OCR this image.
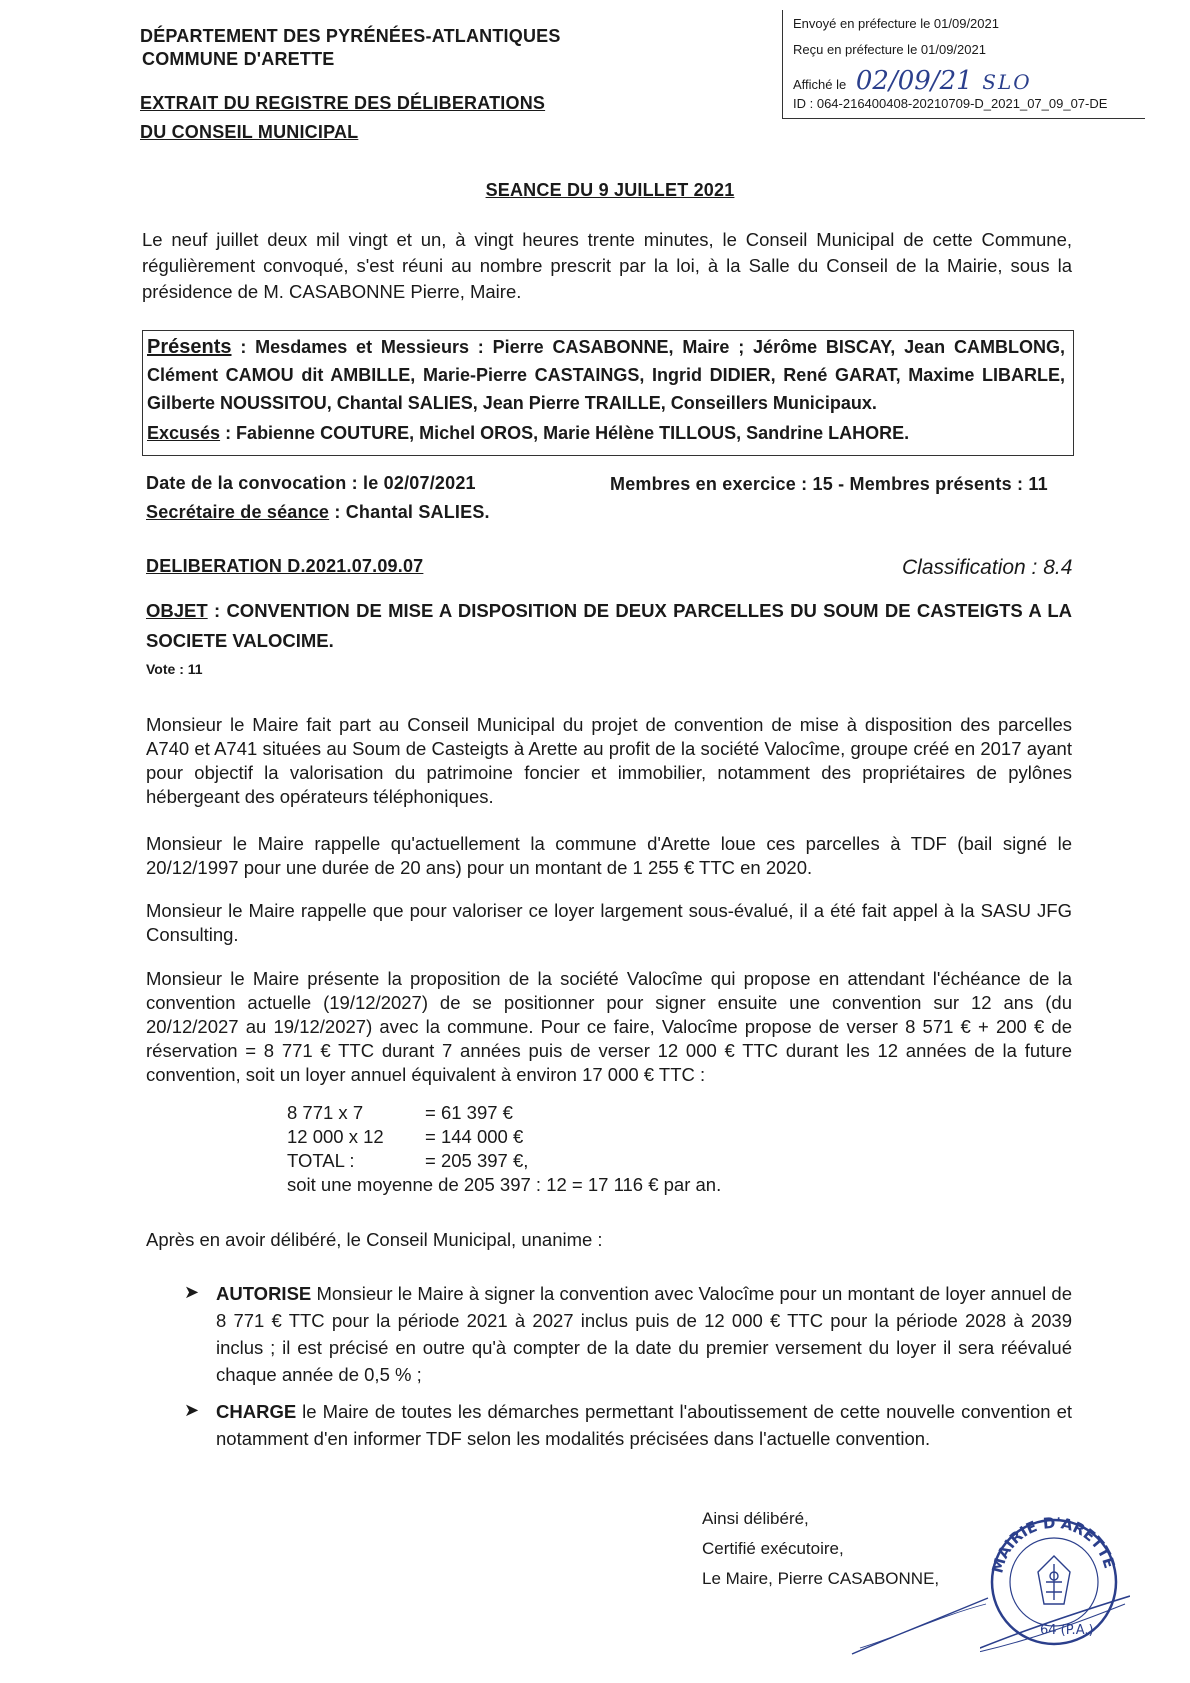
DÉPARTEMENT DES PYRÉNÉES-ATLANTIQUES
COMMUNE D'ARETTE
EXTRAIT DU REGISTRE DES DÉLIBERATIONS
DU CONSEIL MUNICIPAL
Envoyé en préfecture le 01/09/2021
Reçu en préfecture le 01/09/2021
Affiché le 02/09/21 SLO
ID : 064-216400408-20210709-D_2021_07_09_07-DE
SEANCE DU 9 JUILLET 2021
Le neuf juillet deux mil vingt et un, à vingt heures trente minutes, le Conseil Municipal de cette Commune, régulièrement convoqué, s'est réuni au nombre prescrit par la loi, à la Salle du Conseil de la Mairie, sous la présidence de M. CASABONNE Pierre, Maire.
Présents : Mesdames et Messieurs : Pierre CASABONNE, Maire ; Jérôme BISCAY, Jean CAMBLONG, Clément CAMOU dit AMBILLE, Marie-Pierre CASTAINGS, Ingrid DIDIER, René GARAT, Maxime LIBARLE, Gilberte NOUSSITOU, Chantal SALIES, Jean Pierre TRAILLE, Conseillers Municipaux.
Excusés : Fabienne COUTURE, Michel OROS, Marie Hélène TILLOUS, Sandrine LAHORE.
Date de la convocation : le 02/07/2021	Membres en exercice : 15 - Membres présents : 11
Secrétaire de séance : Chantal SALIES.
DELIBERATION D.2021.07.09.07	Classification : 8.4
OBJET : CONVENTION DE MISE A DISPOSITION DE DEUX PARCELLES DU SOUM DE CASTEIGTS A LA SOCIETE VALOCIME.
Vote : 11
Monsieur le Maire fait part au Conseil Municipal du projet de convention de mise à disposition des parcelles A740 et A741 situées au Soum de Casteigts à Arette au profit de la société Valocîme, groupe créé en 2017 ayant pour objectif la valorisation du patrimoine foncier et immobilier, notamment des propriétaires de pylônes hébergeant des opérateurs téléphoniques.
Monsieur le Maire rappelle qu'actuellement la commune d'Arette loue ces parcelles à TDF (bail signé le 20/12/1997 pour une durée de 20 ans) pour un montant de 1 255 € TTC en 2020.
Monsieur le Maire rappelle que pour valoriser ce loyer largement sous-évalué, il a été fait appel à la SASU JFG Consulting.
Monsieur le Maire présente la proposition de la société Valocîme qui propose en attendant l'échéance de la convention actuelle (19/12/2027) de se positionner pour signer ensuite une convention sur 12 ans (du 20/12/2027 au 19/12/2027) avec la commune. Pour ce faire, Valocîme propose de verser 8 571 € + 200 € de réservation = 8 771 € TTC durant 7 années puis de verser 12 000 € TTC durant les 12 années de la future convention, soit un loyer annuel équivalent à environ 17 000 € TTC :
8 771 x 7	= 61 397 €
12 000 x 12 = 144 000 €
TOTAL :	= 205 397 €,
soit une moyenne de 205 397 : 12 = 17 116 € par an.
Après en avoir délibéré, le Conseil Municipal, unanime :
➤ AUTORISE Monsieur le Maire à signer la convention avec Valocîme pour un montant de loyer annuel de 8 771 € TTC pour la période 2021 à 2027 inclus puis de 12 000 € TTC pour la période 2028 à 2039 inclus ; il est précisé en outre qu'à compter de la date du premier versement du loyer il sera réévalué chaque année de 0,5 % ;
➤ CHARGE le Maire de toutes les démarches permettant l'aboutissement de cette nouvelle convention et notamment d'en informer TDF selon les modalités précisées dans l'actuelle convention.
Ainsi délibéré,
Certifié exécutoire,
Le Maire, Pierre CASABONNE,
MAIRIE D'ARETTE
64 (P.A.)
